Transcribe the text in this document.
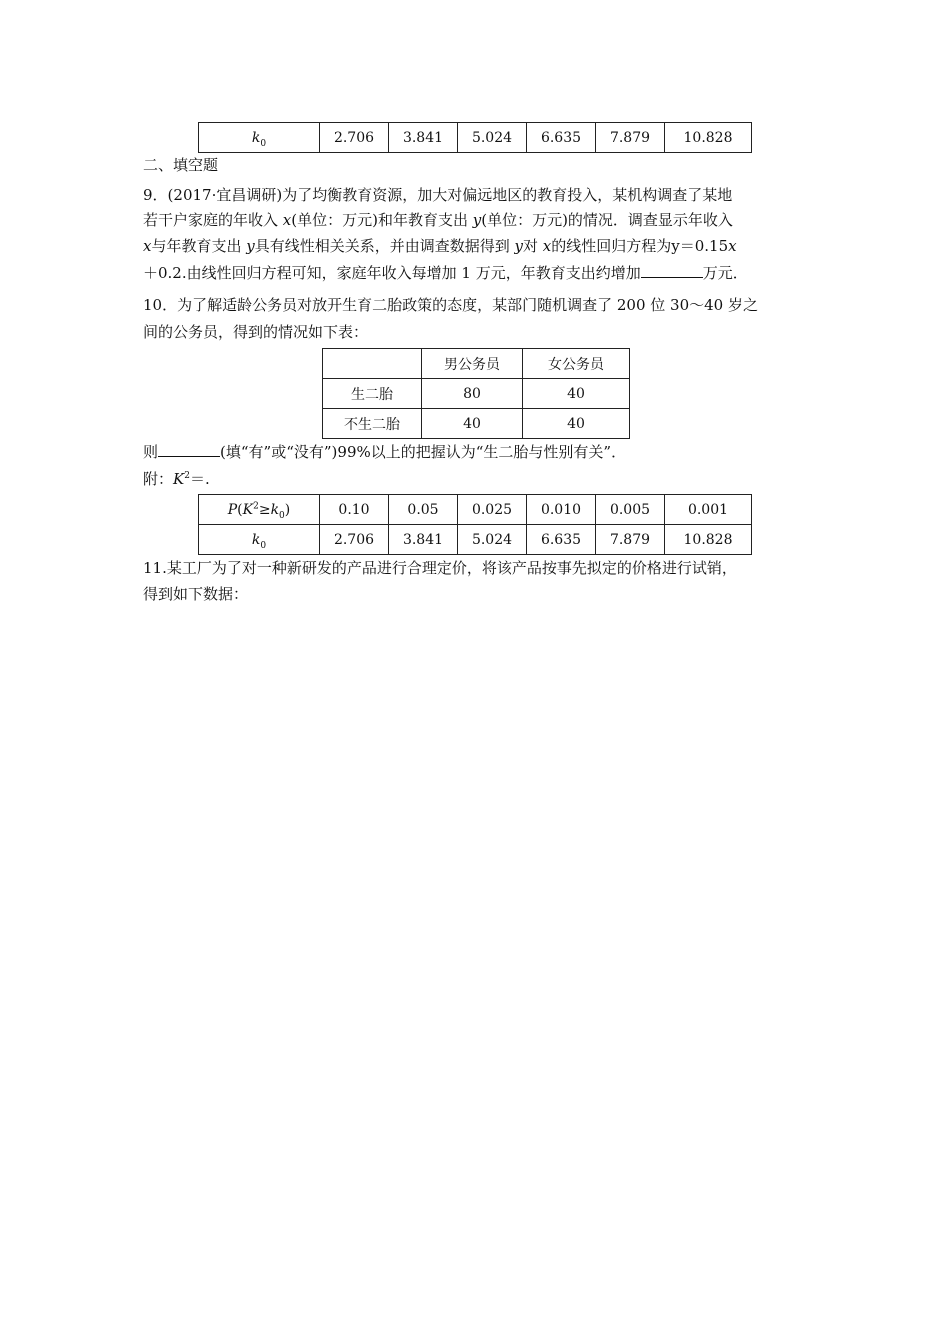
$k_0$	2.706	3.841	5.024	6.635	7.879	10.828
二、填空题
9．(2017·宜昌调研)为了均衡教育资源，加大对偏远地区的教育投入，某机构调查了某地
若干户家庭的年收入 x(单位：万元)和年教育支出 y(单位：万元)的情况．调查显示年收入
x与年教育支出 y具有线性相关关系，并由调查数据得到 y对 x的线性回归方程为y＝0.15x
＋0.2.由线性回归方程可知，家庭年收入每增加 1 万元，年教育支出约增加	万元．
10．为了解适龄公务员对放开生育二胎政策的态度，某部门随机调查了 200 位 30～40 岁之
间的公务员，得到的情况如下表：
	男公务员	女公务员
生二胎	80	40
不生二胎	40	40
则	(填“有”或“没有”)99%以上的把握认为“生二胎与性别有关”．
附：$K^2=$.
$P(K^2\ge k_0)$	0.10	0.05	0.025	0.010	0.005	0.001
$k_0$	2.706	3.841	5.024	6.635	7.879	10.828
11.某工厂为了对一种新研发的产品进行合理定价，将该产品按事先拟定的价格进行试销，
得到如下数据：
